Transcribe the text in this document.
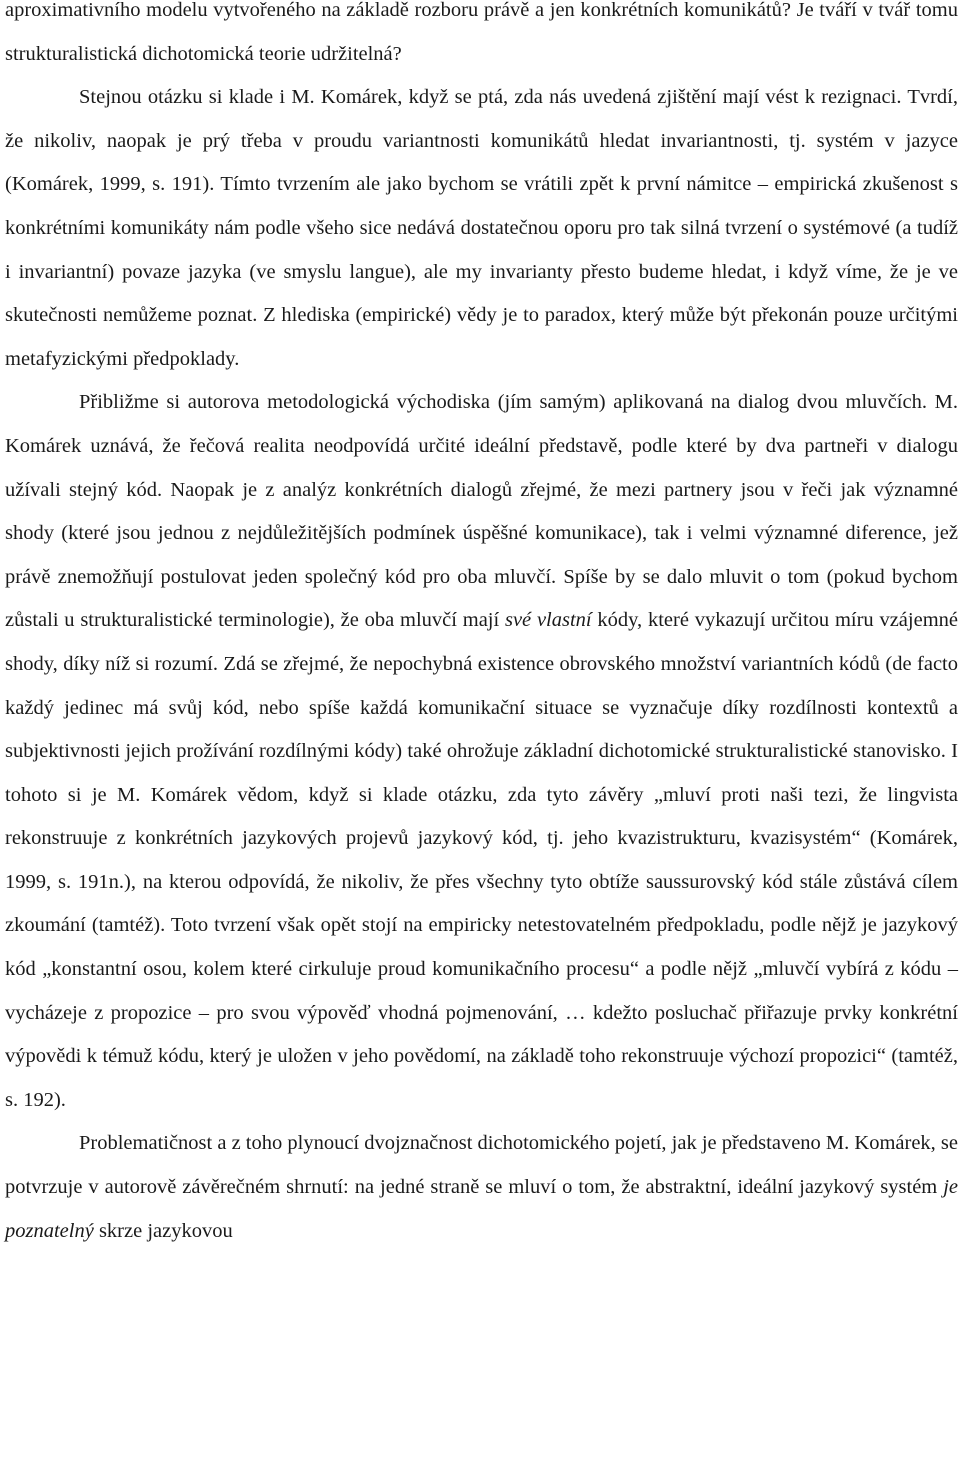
aproximativního modelu vytvořeného na základě rozboru právě a jen konkrétních komunikátů? Je tváří v tvář tomu strukturalistická dichotomická teorie udržitelná?

Stejnou otázku si klade i M. Komárek, když se ptá, zda nás uvedená zjištění mají vést k rezignaci. Tvrdí, že nikoliv, naopak je prý třeba v proudu variantnosti komunikátů hledat invariantnosti, tj. systém v jazyce (Komárek, 1999, s. 191). Tímto tvrzením ale jako bychom se vrátili zpět k první námitce – empirická zkušenost s konkrétními komunikáty nám podle všeho sice nedává dostatečnou oporu pro tak silná tvrzení o systémové (a tudíž i invariantní) povaze jazyka (ve smyslu langue), ale my invarianty přesto budeme hledat, i když víme, že je ve skutečnosti nemůžeme poznat. Z hlediska (empirické) vědy je to paradox, který může být překonán pouze určitými metafyzickými předpoklady.

Přibližme si autorova metodologická východiska (jím samým) aplikovaná na dialog dvou mluvčích. M. Komárek uznává, že řečová realita neodpovídá určité ideální představě, podle které by dva partneři v dialogu užívali stejný kód. Naopak je z analýz konkrétních dialogů zřejmé, že mezi partnery jsou v řeči jak významné shody (které jsou jednou z nejdůležitějších podmínek úspěšné komunikace), tak i velmi významné diference, jež právě znemožňují postulovat jeden společný kód pro oba mluvčí. Spíše by se dalo mluvit o tom (pokud bychom zůstali u strukturalistické terminologie), že oba mluvčí mají své vlastní kódy, které vykazují určitou míru vzájemné shody, díky níž si rozumí. Zdá se zřejmé, že nepochybná existence obrovského množství variantních kódů (de facto každý jedinec má svůj kód, nebo spíše každá komunikační situace se vyznačuje díky rozdílnosti kontextů a subjektivnosti jejich prožívání rozdílnými kódy) také ohrožuje základní dichotomické strukturalistické stanovisko. I tohoto si je M. Komárek vědom, když si klade otázku, zda tyto závěry „mluví proti naši tezi, že lingvista rekonstruuje z konkrétních jazykových projevů jazykový kód, tj. jeho kvazistrukturu, kvazisystém“ (Komárek, 1999, s. 191n.), na kterou odpovídá, že nikoliv, že přes všechny tyto obtíže saussurovský kód stále zůstává cílem zkoumání (tamtéž). Toto tvrzení však opět stojí na empiricky netestovatelném předpokladu, podle nějž je jazykový kód „konstantní osou, kolem které cirkuluje proud komunikačního procesu“ a podle nějž „mluvčí vybírá z kódu – vycházeje z propozice – pro svou výpověď vhodná pojmenování, … kdežto posluchač přiřazuje prvky konkrétní výpovědi k témuž kódu, který je uložen v jeho povědomí, na základě toho rekonstruuje výchozí propozici“ (tamtéž, s. 192).

Problematičnost a z toho plynoucí dvojznačnost dichotomického pojetí, jak je představeno M. Komárek, se potvrzuje v autorově závěrečném shrnutí: na jedné straně se mluví o tom, že abstraktní, ideální jazykový systém je poznatelný skrze jazykovou
